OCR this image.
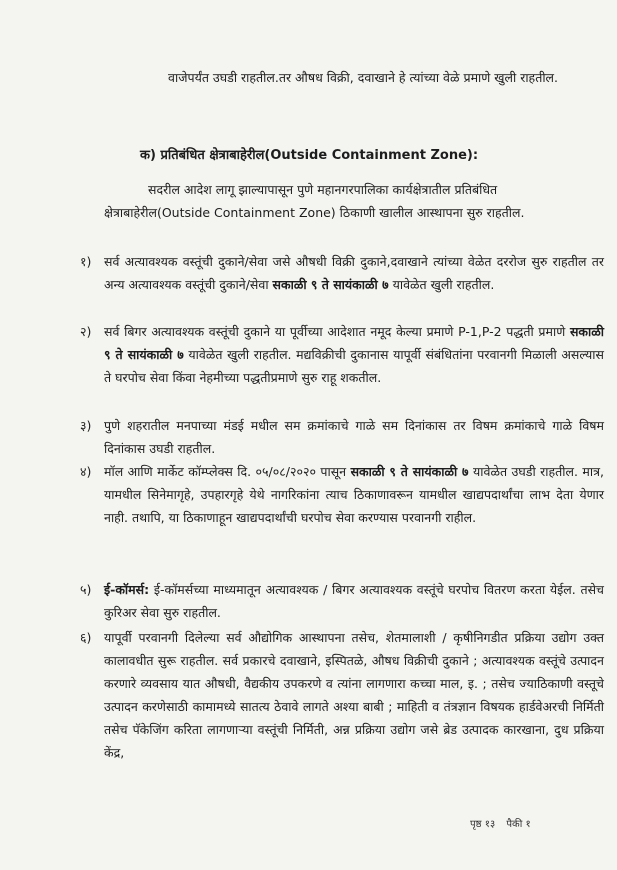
वाजेपर्यंत उघडी राहतील.तर औषध विक्री, दवाखाने हे त्यांच्या वेळे प्रमाणे खुली राहतील.

क) प्रतिबंधित क्षेत्राबाहेरील(Outside Containment Zone):

सदरील आदेश लागू झाल्यापासून पुणे महानगरपालिका कार्यक्षेत्रातील प्रतिबंधित क्षेत्राबाहेरील(Outside Containment Zone) ठिकाणी खालील आस्थापना सुरु राहतील.

१)	सर्व अत्यावश्यक वस्तूंची दुकाने/सेवा जसे औषधी विक्री दुकाने,दवाखाने त्यांच्या वेळेत दररोज सुरु राहतील तर अन्य अत्यावश्यक वस्तूंची दुकाने/सेवा सकाळी ९ ते सायंकाळी ७ यावेळेत खुली राहतील.
२)	सर्व बिगर अत्यावश्यक वस्तूंची दुकाने या पूर्वीच्या आदेशात नमूद केल्या प्रमाणे P-1,P-2 पद्धती प्रमाणे सकाळी ९ ते सायंकाळी ७ यावेळेत खुली राहतील. मद्यविक्रीची दुकानास यापूर्वी संबंधितांना परवानगी मिळाली असल्यास ते घरपोच सेवा किंवा नेहमीच्या पद्धतीप्रमाणे सुरु राहू शकतील.
३)	पुणे शहरातील मनपाच्या मंडई मधील सम क्रमांकाचे गाळे सम दिनांकास तर विषम क्रमांकाचे गाळे विषम दिनांकास उघडी राहतील.
४)	मॉल आणि मार्केट कॉम्प्लेक्स दि. ०५/०८/२०२० पासून सकाळी ९ ते सायंकाळी ७ यावेळेत उघडी राहतील. मात्र, यामधील सिनेमागृहे, उपहारगृहे येथे नागरिकांना त्याच ठिकाणावरून यामधील खाद्यपदार्थांचा लाभ देता येणार नाही. तथापि, या ठिकाणाहून खाद्यपदार्थांची घरपोच सेवा करण्यास परवानगी राहील.
५)	ई-कॉमर्स: ई-कॉमर्सच्या माध्यमातून अत्यावश्यक / बिगर अत्यावश्यक वस्तूंचे घरपोच वितरण करता येईल. तसेच कुरिअर सेवा सुरु राहतील.
६)	यापूर्वी परवानगी दिलेल्या सर्व औद्योगिक आस्थापना तसेच, शेतमालाशी / कृषीनिगडीत प्रक्रिया उद्योग उक्त कालावधीत सुरू राहतील. सर्व प्रकारचे दवाखाने, इस्पितळे, औषध विक्रीची दुकाने ; अत्यावश्यक वस्तूंचे उत्पादन करणारे व्यवसाय यात औषधी, वैद्यकीय उपकरणे व त्यांना लागणारा कच्चा माल, इ. ; तसेच ज्याठिकाणी वस्तूचे उत्पादन करणेसाठी कामामध्ये सातत्य ठेवावे लागते अश्या बाबी ; माहिती व तंत्रज्ञान विषयक हार्डवेअरची निर्मिती तसेच पॅकेजिंग करिता लागणाऱ्या वस्तूंची निर्मिती, अन्न प्रक्रिया उद्योग जसे ब्रेड उत्पादक कारखाना, दुध प्रक्रिया केंद्र,
पृष्ठ १३ पैकी १
